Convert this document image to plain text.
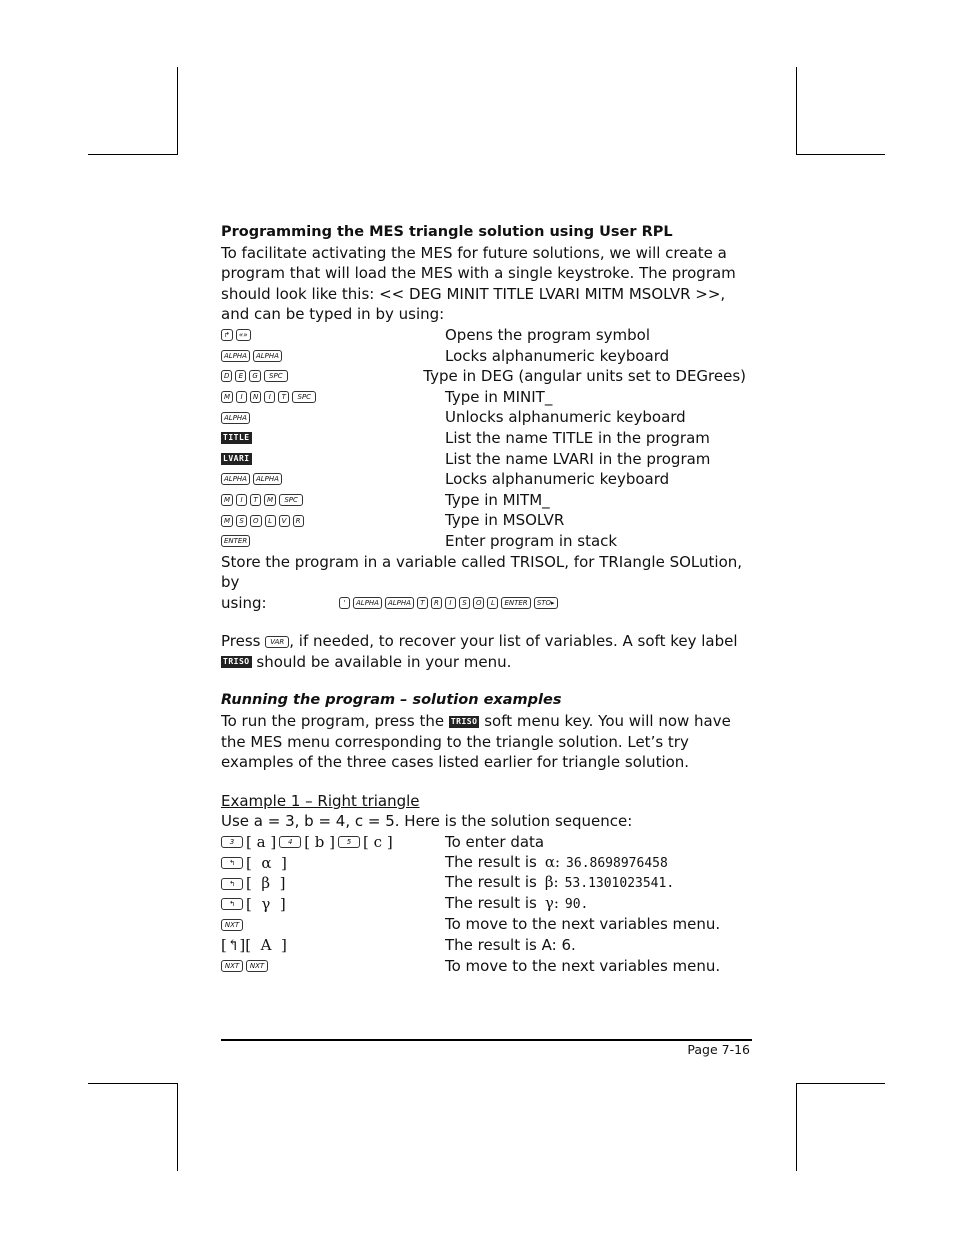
Programming the MES triangle solution using User RPL
To facilitate activating the MES for future solutions, we will create a program that will load the MES with a single keystroke. The program should look like this: << DEG MINIT TITLE LVARI MITM MSOLVR >>, and can be typed in by using:
↱	«»	Opens the program symbol
ALPHA	ALPHA	Locks alphanumeric keyboard
D	E	G	SPC	Type in DEG (angular units set to DEGrees)
M	I	N	I	T	SPC	Type in MINIT_
ALPHA	Unlocks alphanumeric keyboard
TITLE	List the name TITLE in the program
LVARI	List the name LVARI in the program
ALPHA	ALPHA	Locks alphanumeric keyboard
M	I	T	M	SPC	Type in MITM_
M	S	O	L	V	R	Type in MSOLVR
ENTER	Enter program in stack
Store the program in a variable called TRISOL, for TRIangle SOLution, by
using:	'	ALPHA	ALPHA	T	R	I	S	O	L	ENTER	STO▸
Press VAR , if needed, to recover your list of variables. A soft key label
TRISO should be available in your menu.
Running the program – solution examples
To run the program, press the TRISO soft menu key. You will now have the MES menu corresponding to the triangle solution. Let’s try examples of the three cases listed earlier for triangle solution.
Example 1 – Right triangle
Use a = 3, b = 4, c = 5. Here is the solution sequence:
3 [ a ]	4 [ b ]	5 [ c ]	To enter data
↰ [  α  ]	The result is α: 36.8698976458
↰ [  β  ]	The result is β: 53.1301023541.
↰ [  γ  ]	The result is γ: 90.
NXT	To move to the next variables menu.
[↰][  A  ]	The result is A: 6.
NXT	NXT	To move to the next variables menu.
Page 7-16
